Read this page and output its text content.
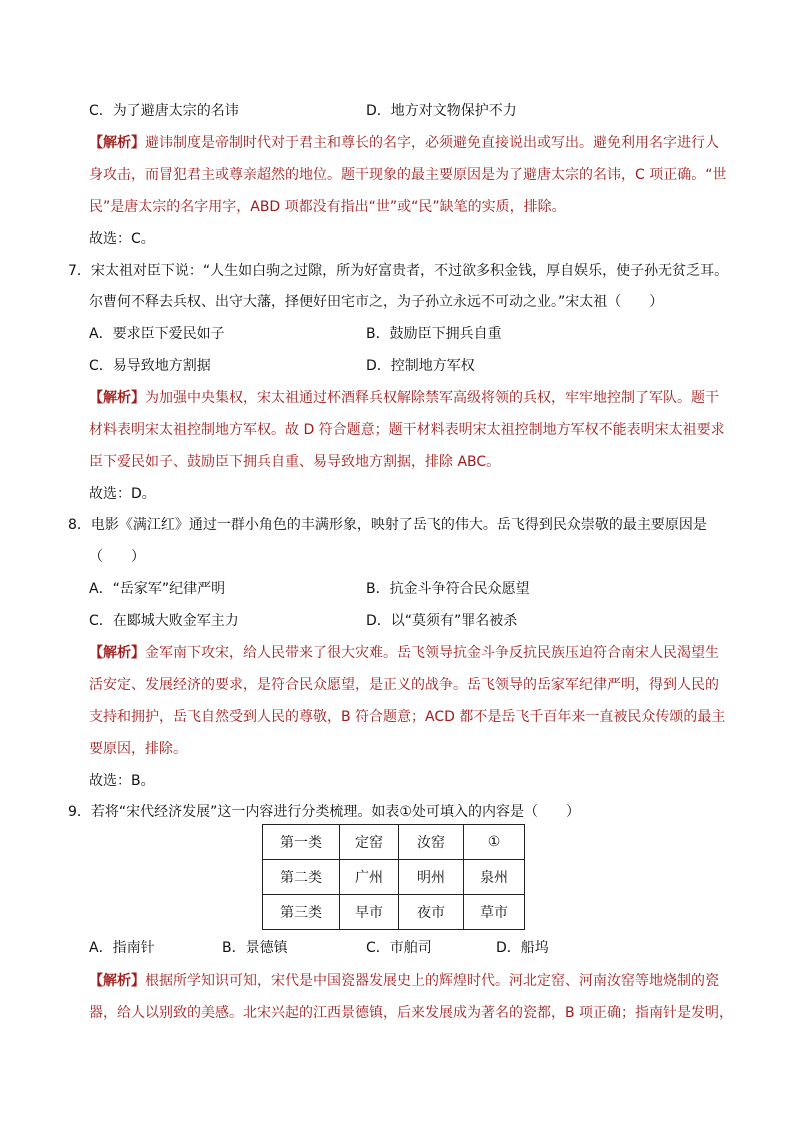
C．为了避唐太宗的名讳	D．地方对文物保护不力
【解析】避讳制度是帝制时代对于君主和尊长的名字，必须避免直接说出或写出。避免利用名字进行人
身攻击，而冒犯君主或尊亲超然的地位。题干现象的最主要原因是为了避唐太宗的名讳，C 项正确。“世
民”是唐太宗的名字用字，ABD 项都没有指出“世”或“民”缺笔的实质，排除。
故选：C。
7．宋太祖对臣下说：“人生如白驹之过隙，所为好富贵者，不过欲多积金钱，厚自娱乐，使子孙无贫乏耳。
尔曹何不释去兵权、出守大藩，择便好田宅市之，为子孙立永远不可动之业。”宋太祖（　　）
A．要求臣下爱民如子	B．鼓励臣下拥兵自重
C．易导致地方割据	D．控制地方军权
【解析】为加强中央集权，宋太祖通过杯酒释兵权解除禁军高级将领的兵权，牢牢地控制了军队。题干
材料表明宋太祖控制地方军权。故 D 符合题意；题干材料表明宋太祖控制地方军权不能表明宋太祖要求
臣下爱民如子、鼓励臣下拥兵自重、易导致地方割据，排除 ABC。
故选：D。
8．电影《满江红》通过一群小角色的丰满形象，映射了岳飞的伟大。岳飞得到民众崇敬的最主要原因是
（　　）
A．“岳家军”纪律严明	B．抗金斗争符合民众愿望
C．在郾城大败金军主力	D．以“莫须有”罪名被杀
【解析】金军南下攻宋，给人民带来了很大灾难。岳飞领导抗金斗争反抗民族压迫符合南宋人民渴望生
活安定、发展经济的要求，是符合民众愿望，是正义的战争。岳飞领导的岳家军纪律严明，得到人民的
支持和拥护，岳飞自然受到人民的尊敬，B 符合题意；ACD 都不是岳飞千百年来一直被民众传颂的最主
要原因，排除。
故选：B。
9．若将“宋代经济发展”这一内容进行分类梳理。如表①处可填入的内容是（　　）
第一类	定窑	汝窑	①
第二类	广州	明州	泉州
第三类	早市	夜市	草市
A．指南针	B．景德镇	C．市舶司	D．船坞
【解析】根据所学知识可知，宋代是中国瓷器发展史上的辉煌时代。河北定窑、河南汝窑等地烧制的瓷
器，给人以别致的美感。北宋兴起的江西景德镇，后来发展成为著名的瓷都，B 项正确；指南针是发明，
